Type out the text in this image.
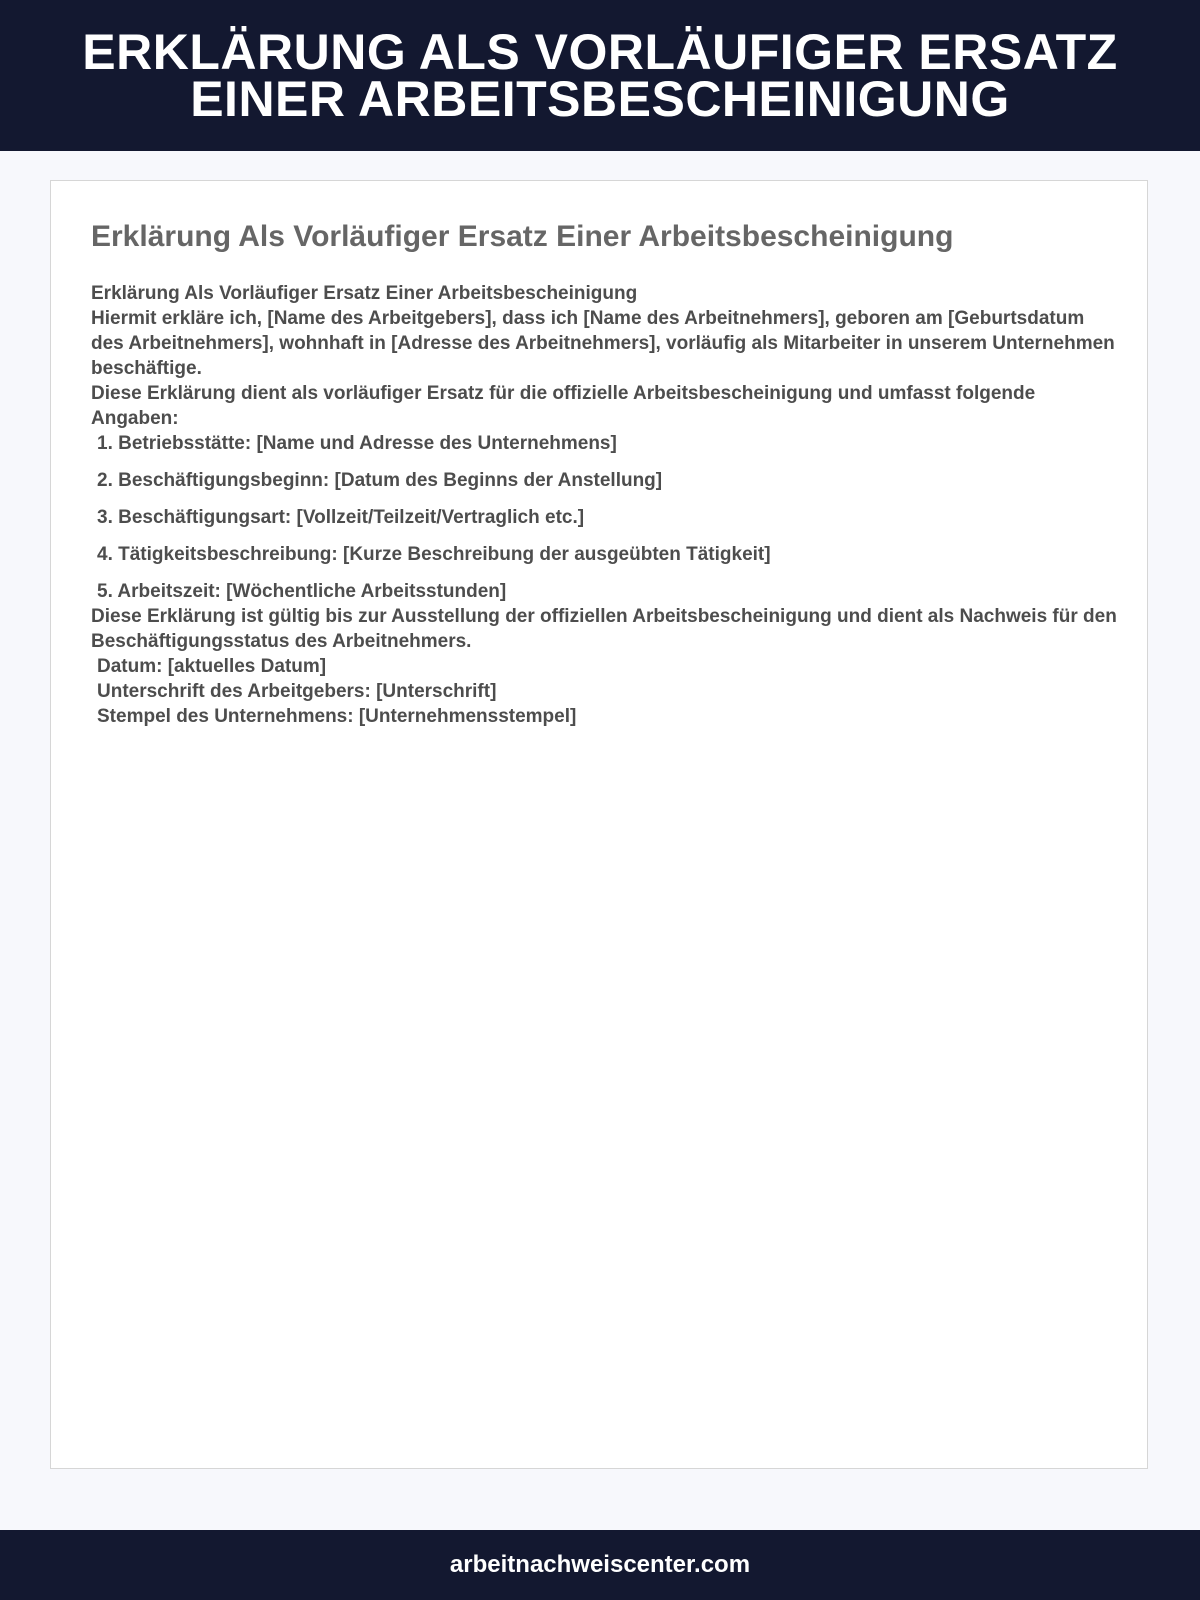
ERKLÄRUNG ALS VORLÄUFIGER ERSATZ EINER ARBEITSBESCHEINIGUNG
Erklärung Als Vorläufiger Ersatz Einer Arbeitsbescheinigung

Erklärung Als Vorläufiger Ersatz Einer Arbeitsbescheinigung

Hiermit erkläre ich, [Name des Arbeitgebers], dass ich [Name des Arbeitnehmers], geboren am [Geburtsdatum des Arbeitnehmers], wohnhaft in [Adresse des Arbeitnehmers], vorläufig als Mitarbeiter in unserem Unternehmen beschäftige.

Diese Erklärung dient als vorläufiger Ersatz für die offizielle Arbeitsbescheinigung und umfasst folgende Angaben:

1. Betriebsstätte: [Name und Adresse des Unternehmens]
2. Beschäftigungsbeginn: [Datum des Beginns der Anstellung]
3. Beschäftigungsart: [Vollzeit/Teilzeit/Vertraglich etc.]
4. Tätigkeitsbeschreibung: [Kurze Beschreibung der ausgeübten Tätigkeit]
5. Arbeitszeit: [Wöchentliche Arbeitsstunden]

Diese Erklärung ist gültig bis zur Ausstellung der offiziellen Arbeitsbescheinigung und dient als Nachweis für den Beschäftigungsstatus des Arbeitnehmers.

Datum: [aktuelles Datum]

Unterschrift des Arbeitgebers: [Unterschrift]

Stempel des Unternehmens: [Unternehmensstempel]

arbeitnachweiscenter.com
